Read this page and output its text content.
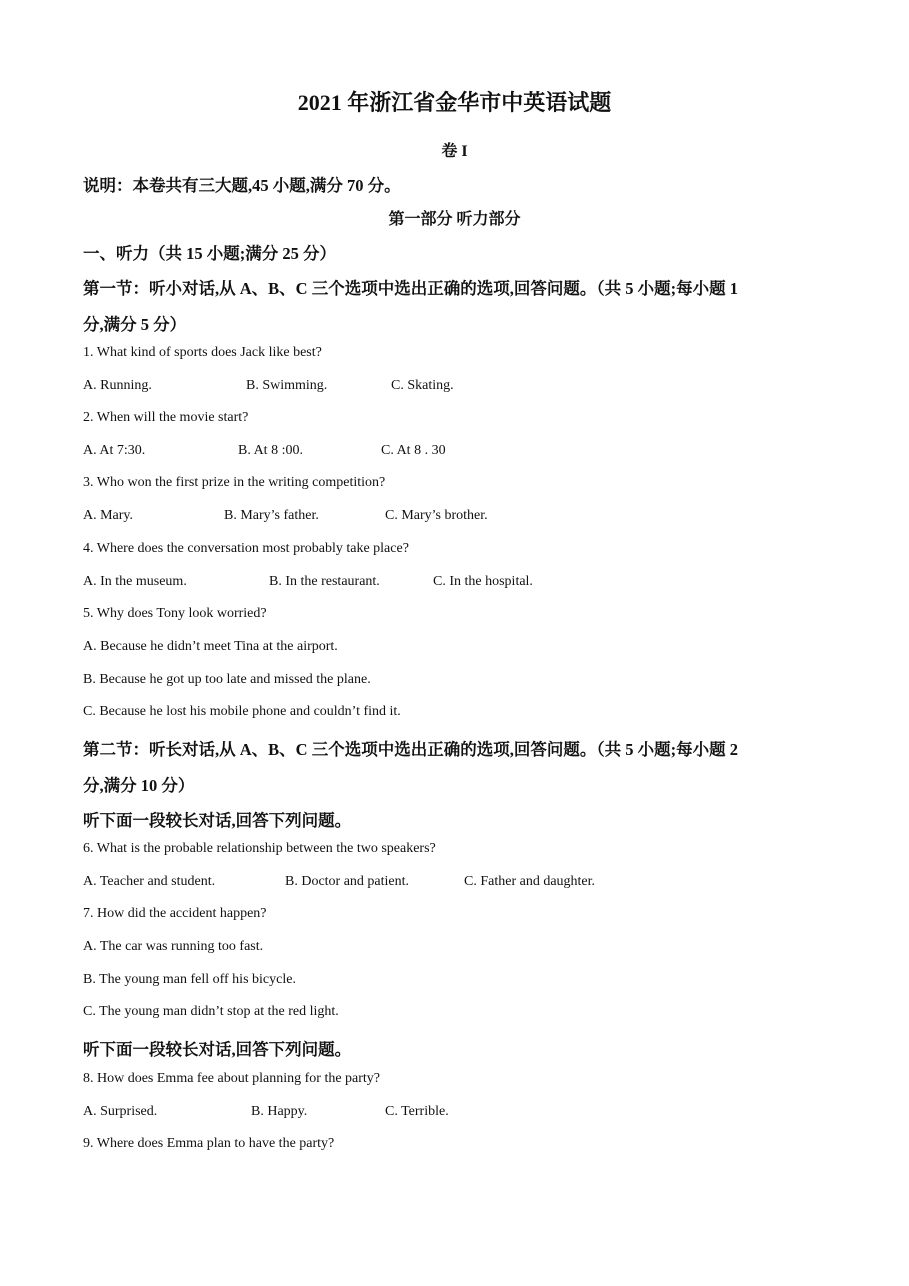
2021 年浙江省金华市中英语试题
卷 I
说明：本卷共有三大题,45 小题,满分 70 分。
第一部分 听力部分
一、听力（共 15 小题;满分 25 分）
第一节：听小对话,从 A、B、C 三个选项中选出正确的选项,回答问题。（共 5 小题;每小题 1
分,满分 5 分）
1. What kind of sports does Jack like best?
A. Running.	B. Swimming.	C. Skating.
2. When will the movie start?
A. At 7:30.	B. At 8 :00.	C. At 8 . 30
3. Who won the first prize in the writing competition?
A. Mary.	B. Mary’s father.	C. Mary’s brother.
4. Where does the conversation most probably take place?
A. In the museum.	B. In the restaurant.	C. In the hospital.
5. Why does Tony look worried?
A. Because he didn’t meet Tina at the airport.
B. Because he got up too late and missed the plane.
C. Because he lost his mobile phone and couldn’t find it.
第二节：听长对话,从 A、B、C 三个选项中选出正确的选项,回答问题。（共 5 小题;每小题 2
分,满分 10 分）
听下面一段较长对话,回答下列问题。
6. What is the probable relationship between the two speakers?
A. Teacher and student.	B. Doctor and patient.	C. Father and daughter.
7. How did the accident happen?
A. The car was running too fast.
B. The young man fell off his bicycle.
C. The young man didn’t stop at the red light.
听下面一段较长对话,回答下列问题。
8. How does Emma fee about planning for the party?
A. Surprised.	B. Happy.	C. Terrible.
9. Where does Emma plan to have the party?
